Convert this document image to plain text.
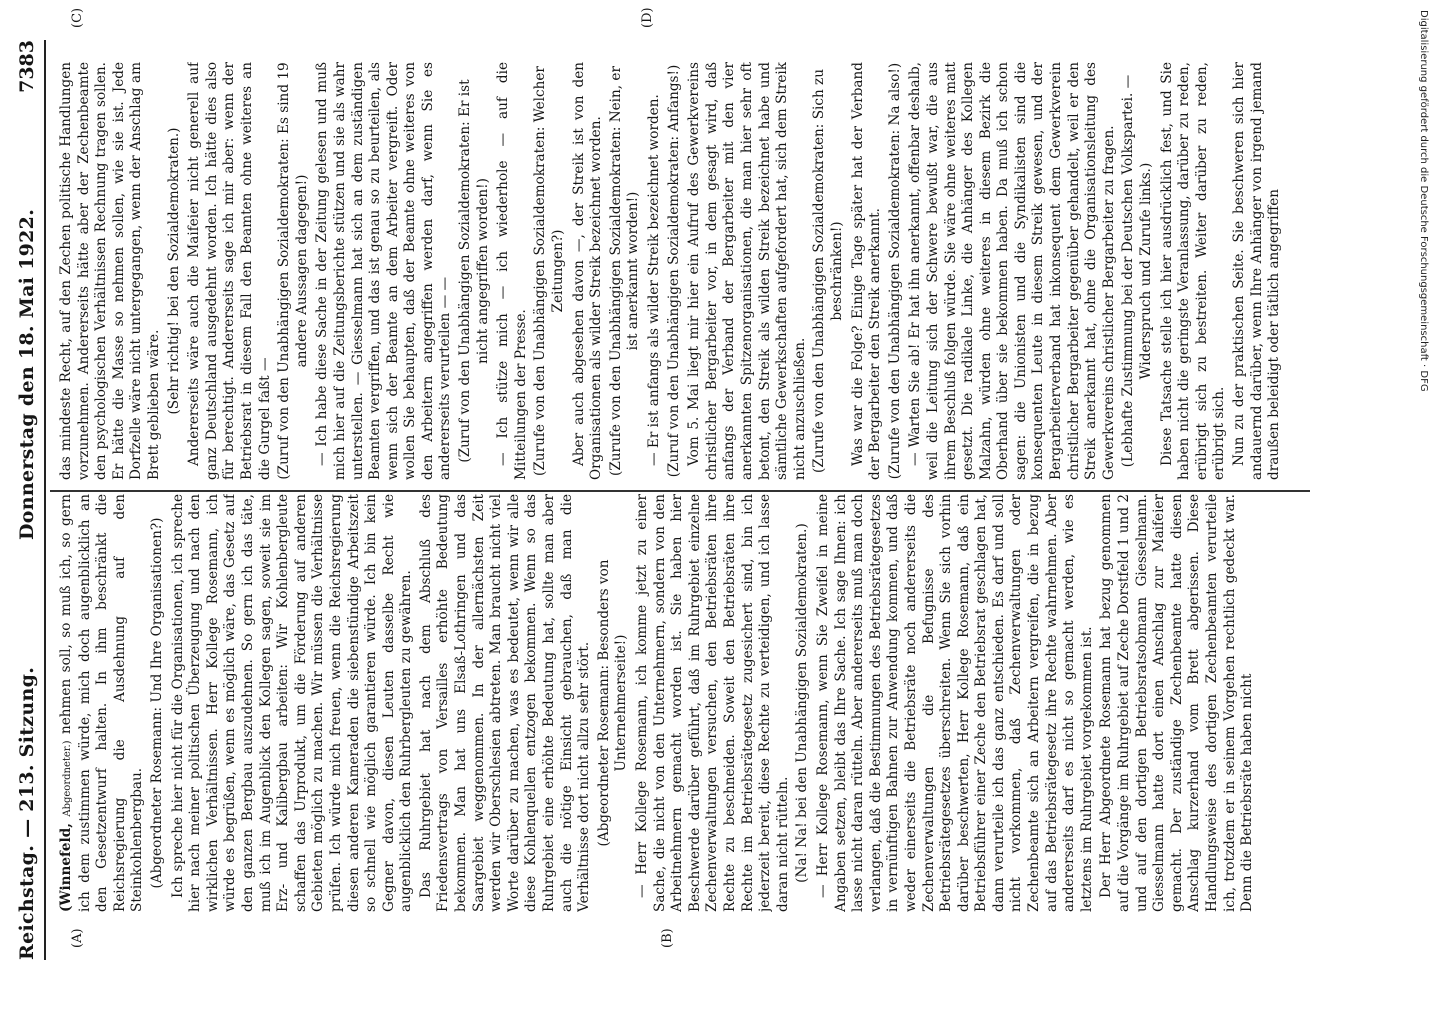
Reichstag. — 213. Sitzung.
Donnerstag den 18. Mai 1922.
7383
(A)	(B)
(C)	(D)

(Winnefeld, Abgeordneter.) nehmen soll, so muß ich, so gern ich dem zustimmen würde, mich doch augenblicklich an den Gesetzentwurf halten. In ihm beschränkt die Reichsregierung die Ausdehnung auf den Steinkohlenbergbau. (Abgeordneter Rosemann: Und Ihre Organisationen?) Ich spreche hier nicht für die Organisationen, ich spreche hier nach meiner politischen Überzeugung und nach den wirklichen Verhältnissen. Herr Kollege Rosemann, ich würde es begrüßen, wenn es möglich wäre, das Gesetz auf den ganzen Bergbau auszudehnen. So gern ich das täte, muß ich im Augenblick den Kollegen sagen, soweit sie im Erz- und Kalibergbau arbeiten: Wir Kohlenbergleute schaffen das Urprodukt, um die Förderung auf anderen Gebieten möglich zu machen. Wir müssen die Verhältnisse prüfen. Ich würde mich freuen, wenn die Reichsregierung diesen anderen Kameraden die siebenstündige Arbeitszeit so schnell wie möglich garantieren würde. Ich bin kein Gegner davon, diesen Leuten dasselbe Recht wie augenblicklich den Ruhrbergleuten zu gewähren. Das Ruhrgebiet hat nach dem Abschluß des Friedensvertrags von Versailles erhöhte Bedeutung bekommen. Man hat uns Elsaß-Lothringen und das Saargebiet weggenommen. In der allernächsten Zeit werden wir Oberschlesien abtreten. Man braucht nicht viel Worte darüber zu machen, was es bedeutet, wenn wir alle diese Kohlenquellen entzogen bekommen. Wenn so das Ruhrgebiet eine erhöhte Bedeutung hat, sollte man aber auch die nötige Einsicht gebrauchen, daß man die Verhältnisse dort nicht allzu sehr stört. (Abgeordneter Rosemann: Besonders von Unternehmerseite!) — Herr Kollege Rosemann, ich komme jetzt zu einer Sache, die nicht von den Unternehmern, sondern von den Arbeitnehmern gemacht worden ist. Sie haben hier Beschwerde darüber geführt, daß im Ruhrgebiet einzelne Zechenverwaltungen versuchen, den Betriebsräten ihre Rechte zu beschneiden. Soweit den Betriebsräten ihre Rechte im Betriebsrätegesetz zugesichert sind, bin ich jederzeit bereit, diese Rechte zu verteidigen, und ich lasse daran nicht rütteln. (Na! Na! bei den Unabhängigen Sozialdemokraten.) — Herr Kollege Rosemann, wenn Sie Zweifel in meine Angaben setzen, bleibt das Ihre Sache. Ich sage Ihnen: ich lasse nicht daran rütteln. Aber andererseits muß man doch verlangen, daß die Bestimmungen des Betriebsrätegesetzes in vernünftigen Bahnen zur Anwendung kommen, und daß weder einerseits die Betriebsräte noch andererseits die Zechenverwaltungen die Befugnisse des Betriebsrätegesetzes überschreiten. Wenn Sie sich vorhin darüber beschwerten, Herr Kollege Rosemann, daß ein Betriebsführer einer Zeche den Betriebsrat geschlagen hat, dann verurteile ich das ganz entschieden. Es darf und soll nicht vorkommen, daß Zechenverwaltungen oder Zechenbeamte sich an Arbeitern vergreifen, die in bezug auf das Betriebsrätegesetz ihre Rechte wahrnehmen. Aber andererseits darf es nicht so gemacht werden, wie es letztens im Ruhrgebiet vorgekommen ist. Der Herr Abgeordnete Rosemann hat bezug genommen auf die Vorgänge im Ruhrgebiet auf Zeche Dorstfeld 1 und 2 und auf den dortigen Betriebsratsobmann Giesselmann. Giesselmann hatte dort einen Anschlag zur Maifeier gemacht. Der zuständige Zechenbeamte hatte diesen Anschlag kurzerhand vom Brett abgerissen. Diese Handlungsweise des dortigen Zechenbeamten verurteile ich, trotzdem er in seinem Vorgehen rechtlich gedeckt war. Denn die Betriebsräte haben nicht

das mindeste Recht, auf den Zechen politische Handlungen vorzunehmen. Andererseits hätte aber der Zechenbeamte den psychologischen Verhältnissen Rechnung tragen sollen. Er hätte die Masse so nehmen sollen, wie sie ist. Jede Dorfzelle wäre nicht untergegangen, wenn der Anschlag am Brett geblieben wäre. (Sehr richtig! bei den Sozialdemokraten.) Andererseits wäre auch die Maifeier nicht generell auf ganz Deutschland ausgedehnt worden. Ich hätte dies also für berechtigt. Andererseits sage ich mir aber: wenn der Betriebsrat in diesem Fall den Beamten ohne weiteres an die Gurgel faßt — (Zuruf von den Unabhängigen Sozialdemokraten: Es sind 19 andere Aussagen dagegen!) — Ich habe diese Sache in der Zeitung gelesen und muß mich hier auf die Zeitungsberichte stützen und sie als wahr unterstellen. — Giesselmann hat sich an dem zuständigen Beamten vergriffen, und das ist genau so zu beurteilen, als wenn sich der Beamte an dem Arbeiter vergreift. Oder wollen Sie behaupten, daß der Beamte ohne weiteres von den Arbeitern angegriffen werden darf, wenn Sie es andererseits verurteilen — — (Zuruf von den Unabhängigen Sozialdemokraten: Er ist nicht angegriffen worden!) — Ich stütze mich — ich wiederhole — auf die Mitteilungen der Presse. (Zurufe von den Unabhängigen Sozialdemokraten: Welcher Zeitungen?) Aber auch abgesehen davon —, der Streik ist von den Organisationen als wilder Streik bezeichnet worden. (Zurufe von den Unabhängigen Sozialdemokraten: Nein, er ist anerkannt worden!) — Er ist anfangs als wilder Streik bezeichnet worden. (Zuruf von den Unabhängigen Sozialdemokraten: Anfangs!) Vom 5. Mai liegt mir hier ein Aufruf des Gewerkvereins christlicher Bergarbeiter vor, in dem gesagt wird, daß anfangs der Verband der Bergarbeiter mit den vier anerkannten Spitzenorganisationen, die man hier sehr oft betont, den Streik als wilden Streik bezeichnet habe und sämtliche Gewerkschaften aufgefordert hat, sich dem Streik nicht anzuschließen. (Zurufe von den Unabhängigen Sozialdemokraten: Sich zu beschränken!) Was war die Folge? Einige Tage später hat der Verband der Bergarbeiter den Streik anerkannt. (Zurufe von den Unabhängigen Sozialdemokraten: Na also!) — Warten Sie ab! Er hat ihn anerkannt, offenbar deshalb, weil die Leitung sich der Schwere bewußt war, die aus ihrem Beschluß folgen würde. Sie wäre ohne weiteres matt gesetzt. Die radikale Linke, die Anhänger des Kollegen Malzahn, würden ohne weiteres in diesem Bezirk die Oberhand über sie bekommen haben. Da muß ich schon sagen: die Unionisten und die Syndikalisten sind die konsequenten Leute in diesem Streik gewesen, und der Bergarbeiterverband hat inkonsequent dem Gewerkverein christlicher Bergarbeiter gegenüber gehandelt, weil er den Streik anerkannt hat, ohne die Organisationsleitung des Gewerkvereins christlicher Bergarbeiter zu fragen. (Lebhafte Zustimmung bei der Deutschen Volkspartei. — Widerspruch und Zurufe links.) Diese Tatsache stelle ich hier ausdrücklich fest, und Sie haben nicht die geringste Veranlassung, darüber zu reden, erübrigt sich zu bestreiten. Weiter darüber zu reden, erübrigt sich. Nun zu der praktischen Seite. Sie beschweren sich hier andauernd darüber, wenn Ihre Anhänger von irgend jemand draußen beleidigt oder tätlich angegriffen	Digitalisierung gefördert durch die Deutsche Forschungsgemeinschaft · DFG
